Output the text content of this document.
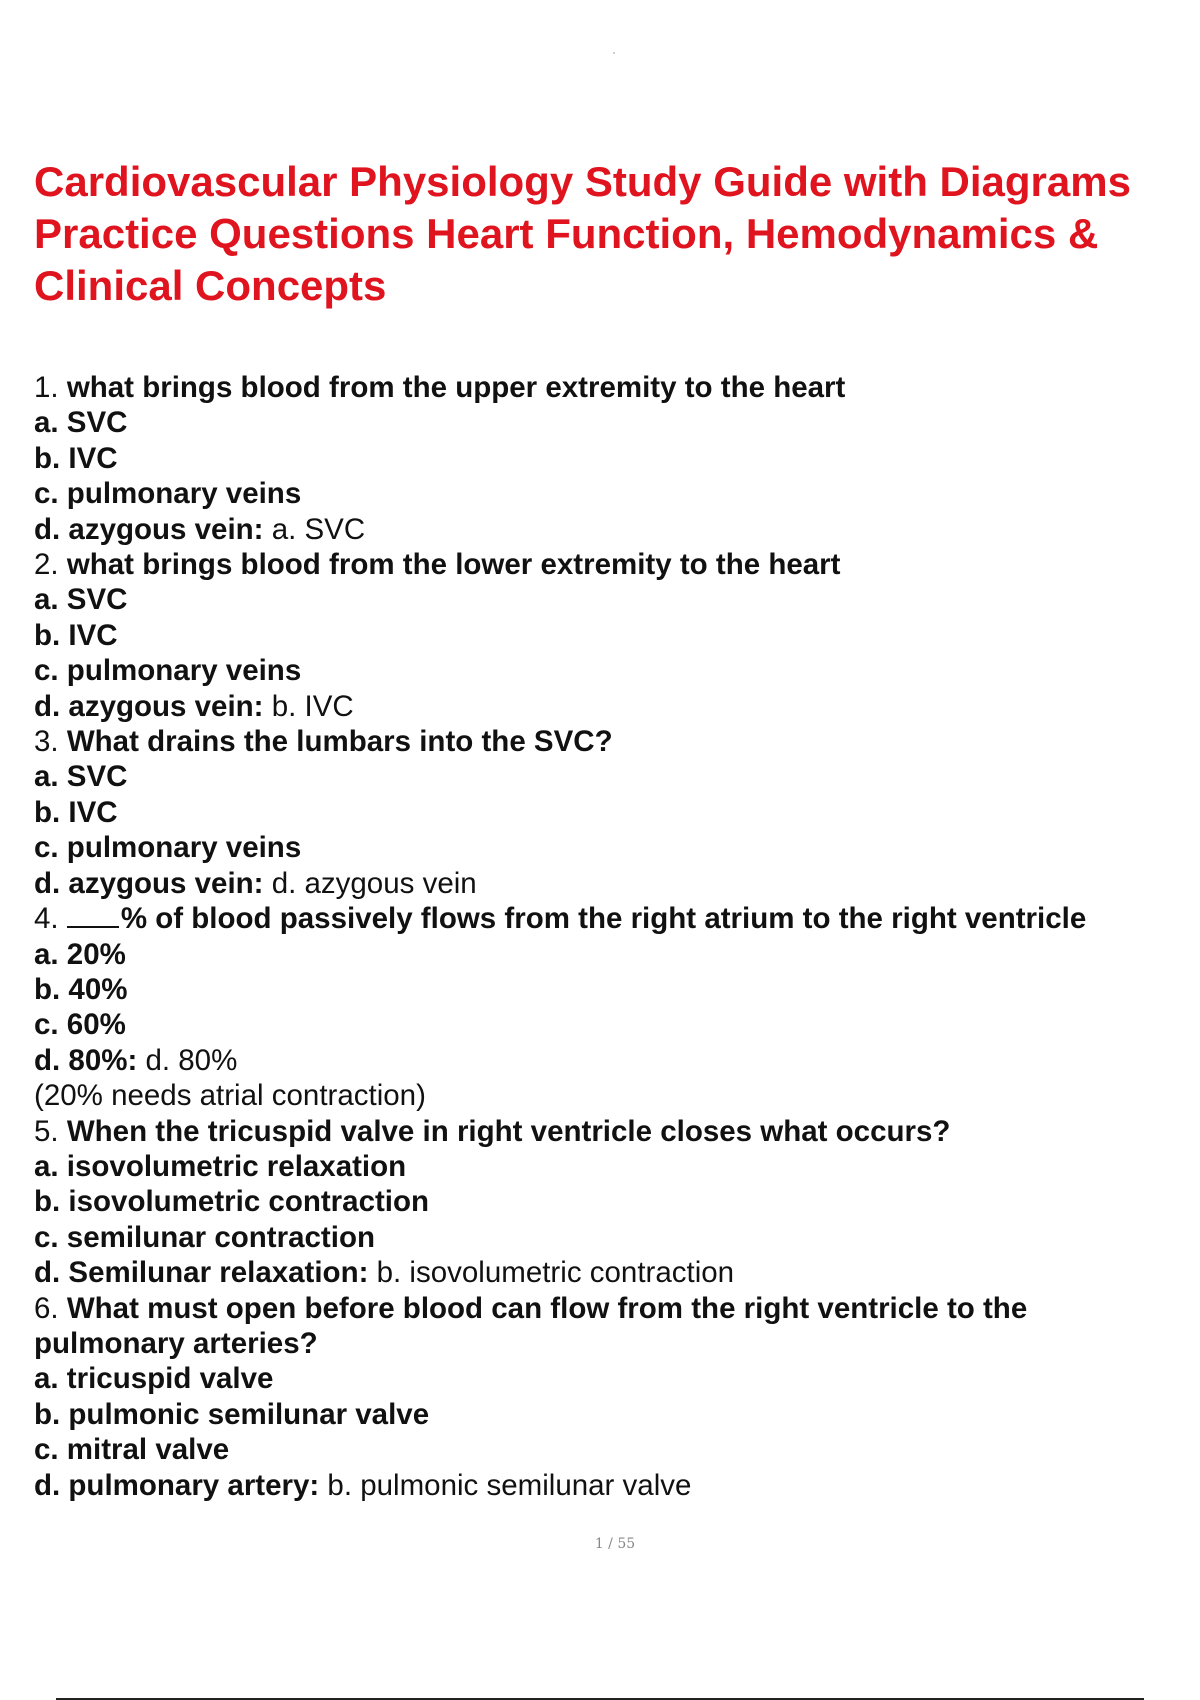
Cardiovascular Physiology Study Guide with Diagrams
Practice Questions Heart Function, Hemodynamics &
Clinical Concepts
1. what brings blood from the upper extremity to the heart
a. SVC
b. IVC
c. pulmonary veins
d. azygous vein: a. SVC
2. what brings blood from the lower extremity to the heart
a. SVC
b. IVC
c. pulmonary veins
d. azygous vein: b. IVC
3. What drains the lumbars into the SVC?
a. SVC
b. IVC
c. pulmonary veins
d. azygous vein: d. azygous vein
4. % of blood passively flows from the right atrium to the right ventricle
a. 20%
b. 40%
c. 60%
d. 80%: d. 80%
(20% needs atrial contraction)
5. When the tricuspid valve in right ventricle closes what occurs?
a. isovolumetric relaxation
b. isovolumetric contraction
c. semilunar contraction
d. Semilunar relaxation: b. isovolumetric contraction
6. What must open before blood can flow from the right ventricle to the
pulmonary arteries?
a. tricuspid valve
b. pulmonic semilunar valve
c. mitral valve
d. pulmonary artery: b. pulmonic semilunar valve
1 / 55
